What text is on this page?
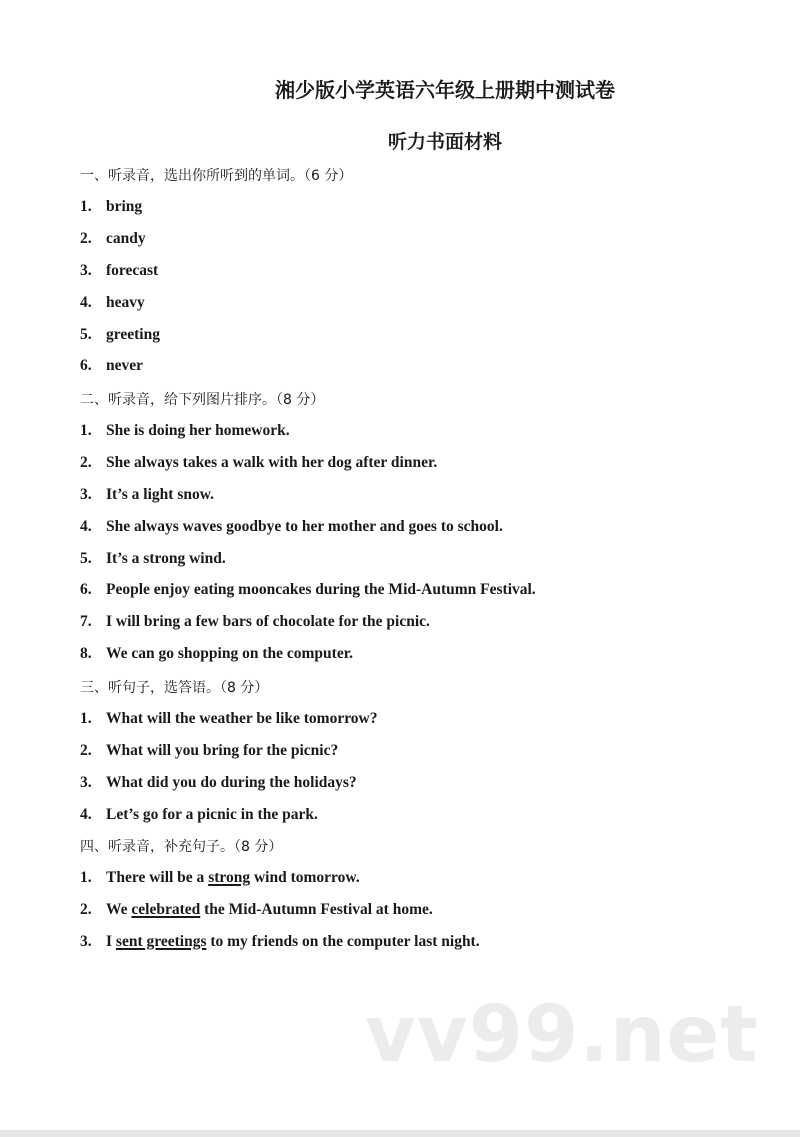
湘少版小学英语六年级上册期中测试卷
听力书面材料
一、听录音，选出你所听到的单词。（6 分）
1. bring
2. candy
3. forecast
4. heavy
5. greeting
6. never
二、听录音，给下列图片排序。（8 分）
1. She is doing her homework.
2. She always takes a walk with her dog after dinner.
3. It’s a light snow.
4. She always waves goodbye to her mother and goes to school.
5. It’s a strong wind.
6. People enjoy eating mooncakes during the Mid-Autumn Festival.
7. I will bring a few bars of chocolate for the picnic.
8. We can go shopping on the computer.
三、听句子，选答语。（8 分）
1. What will the weather be like tomorrow?
2. What will you bring for the picnic?
3. What did you do during the holidays?
4. Let’s go for a picnic in the park.
四、听录音，补充句子。（8 分）
1. There will be a strong wind tomorrow.
2. We celebrated the Mid-Autumn Festival at home.
3. I sent greetings to my friends on the computer last night.
vv99.net
